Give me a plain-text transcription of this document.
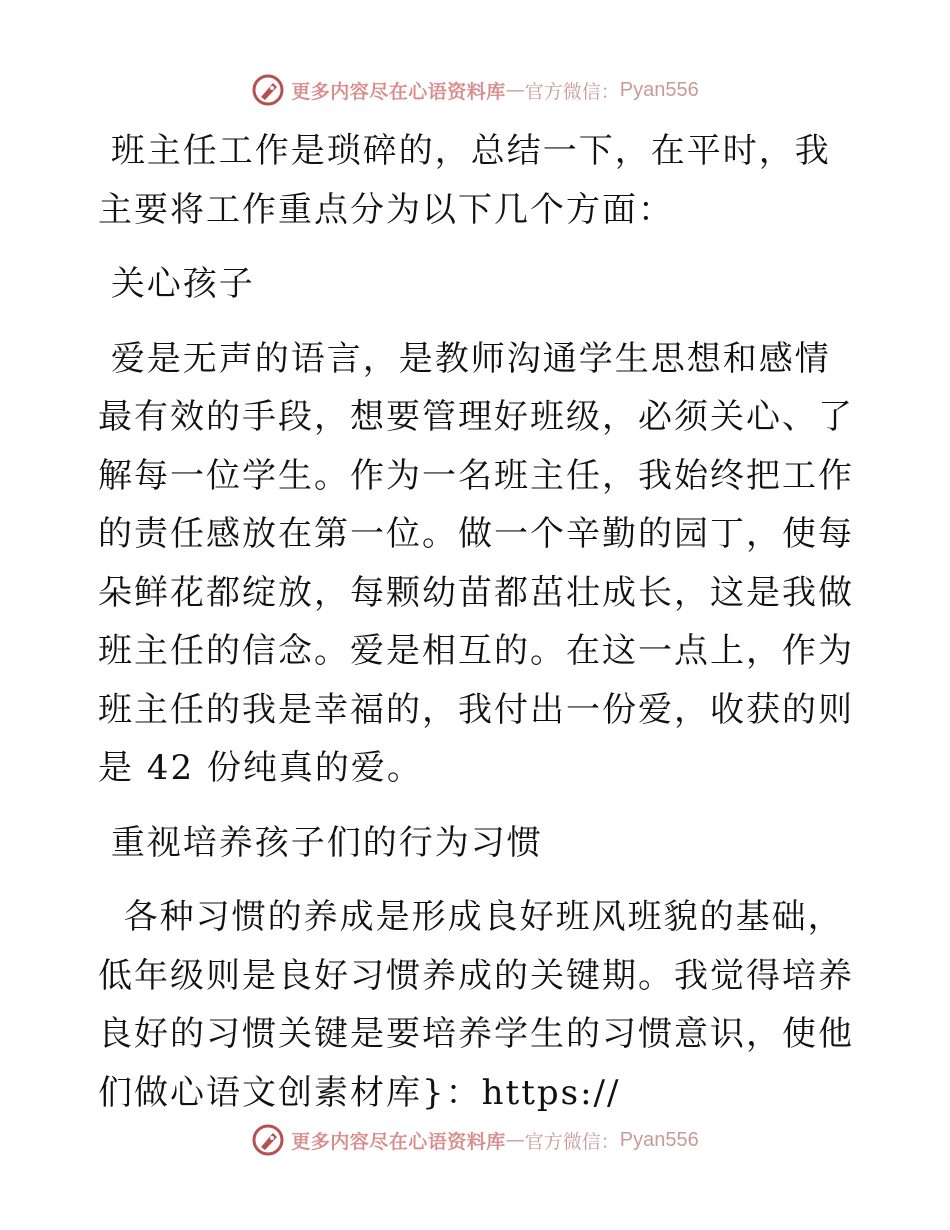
更多内容尽在心语资料库 — 官方微信： Pyan556

班主任工作是琐碎的，总结一下，在平时，我主要将工作重点分为以下几个方面：

关心孩子

爱是无声的语言，是教师沟通学生思想和感情最有效的手段，想要管理好班级，必须关心、了解每一位学生。作为一名班主任，我始终把工作的责任感放在第一位。做一个辛勤的园丁，使每朵鲜花都绽放，每颗幼苗都茁壮成长，这是我做班主任的信念。爱是相互的。在这一点上，作为班主任的我是幸福的，我付出一份爱，收获的则是 42 份纯真的爱。

重视培养孩子们的行为习惯

各种习惯的养成是形成良好班风班貌的基础，低年级则是良好习惯养成的关键期。我觉得培养良好的习惯关键是要培养学生的习惯意识，使他们做心语文创素材库}：https://

更多内容尽在心语资料库 — 官方微信： Pyan556
